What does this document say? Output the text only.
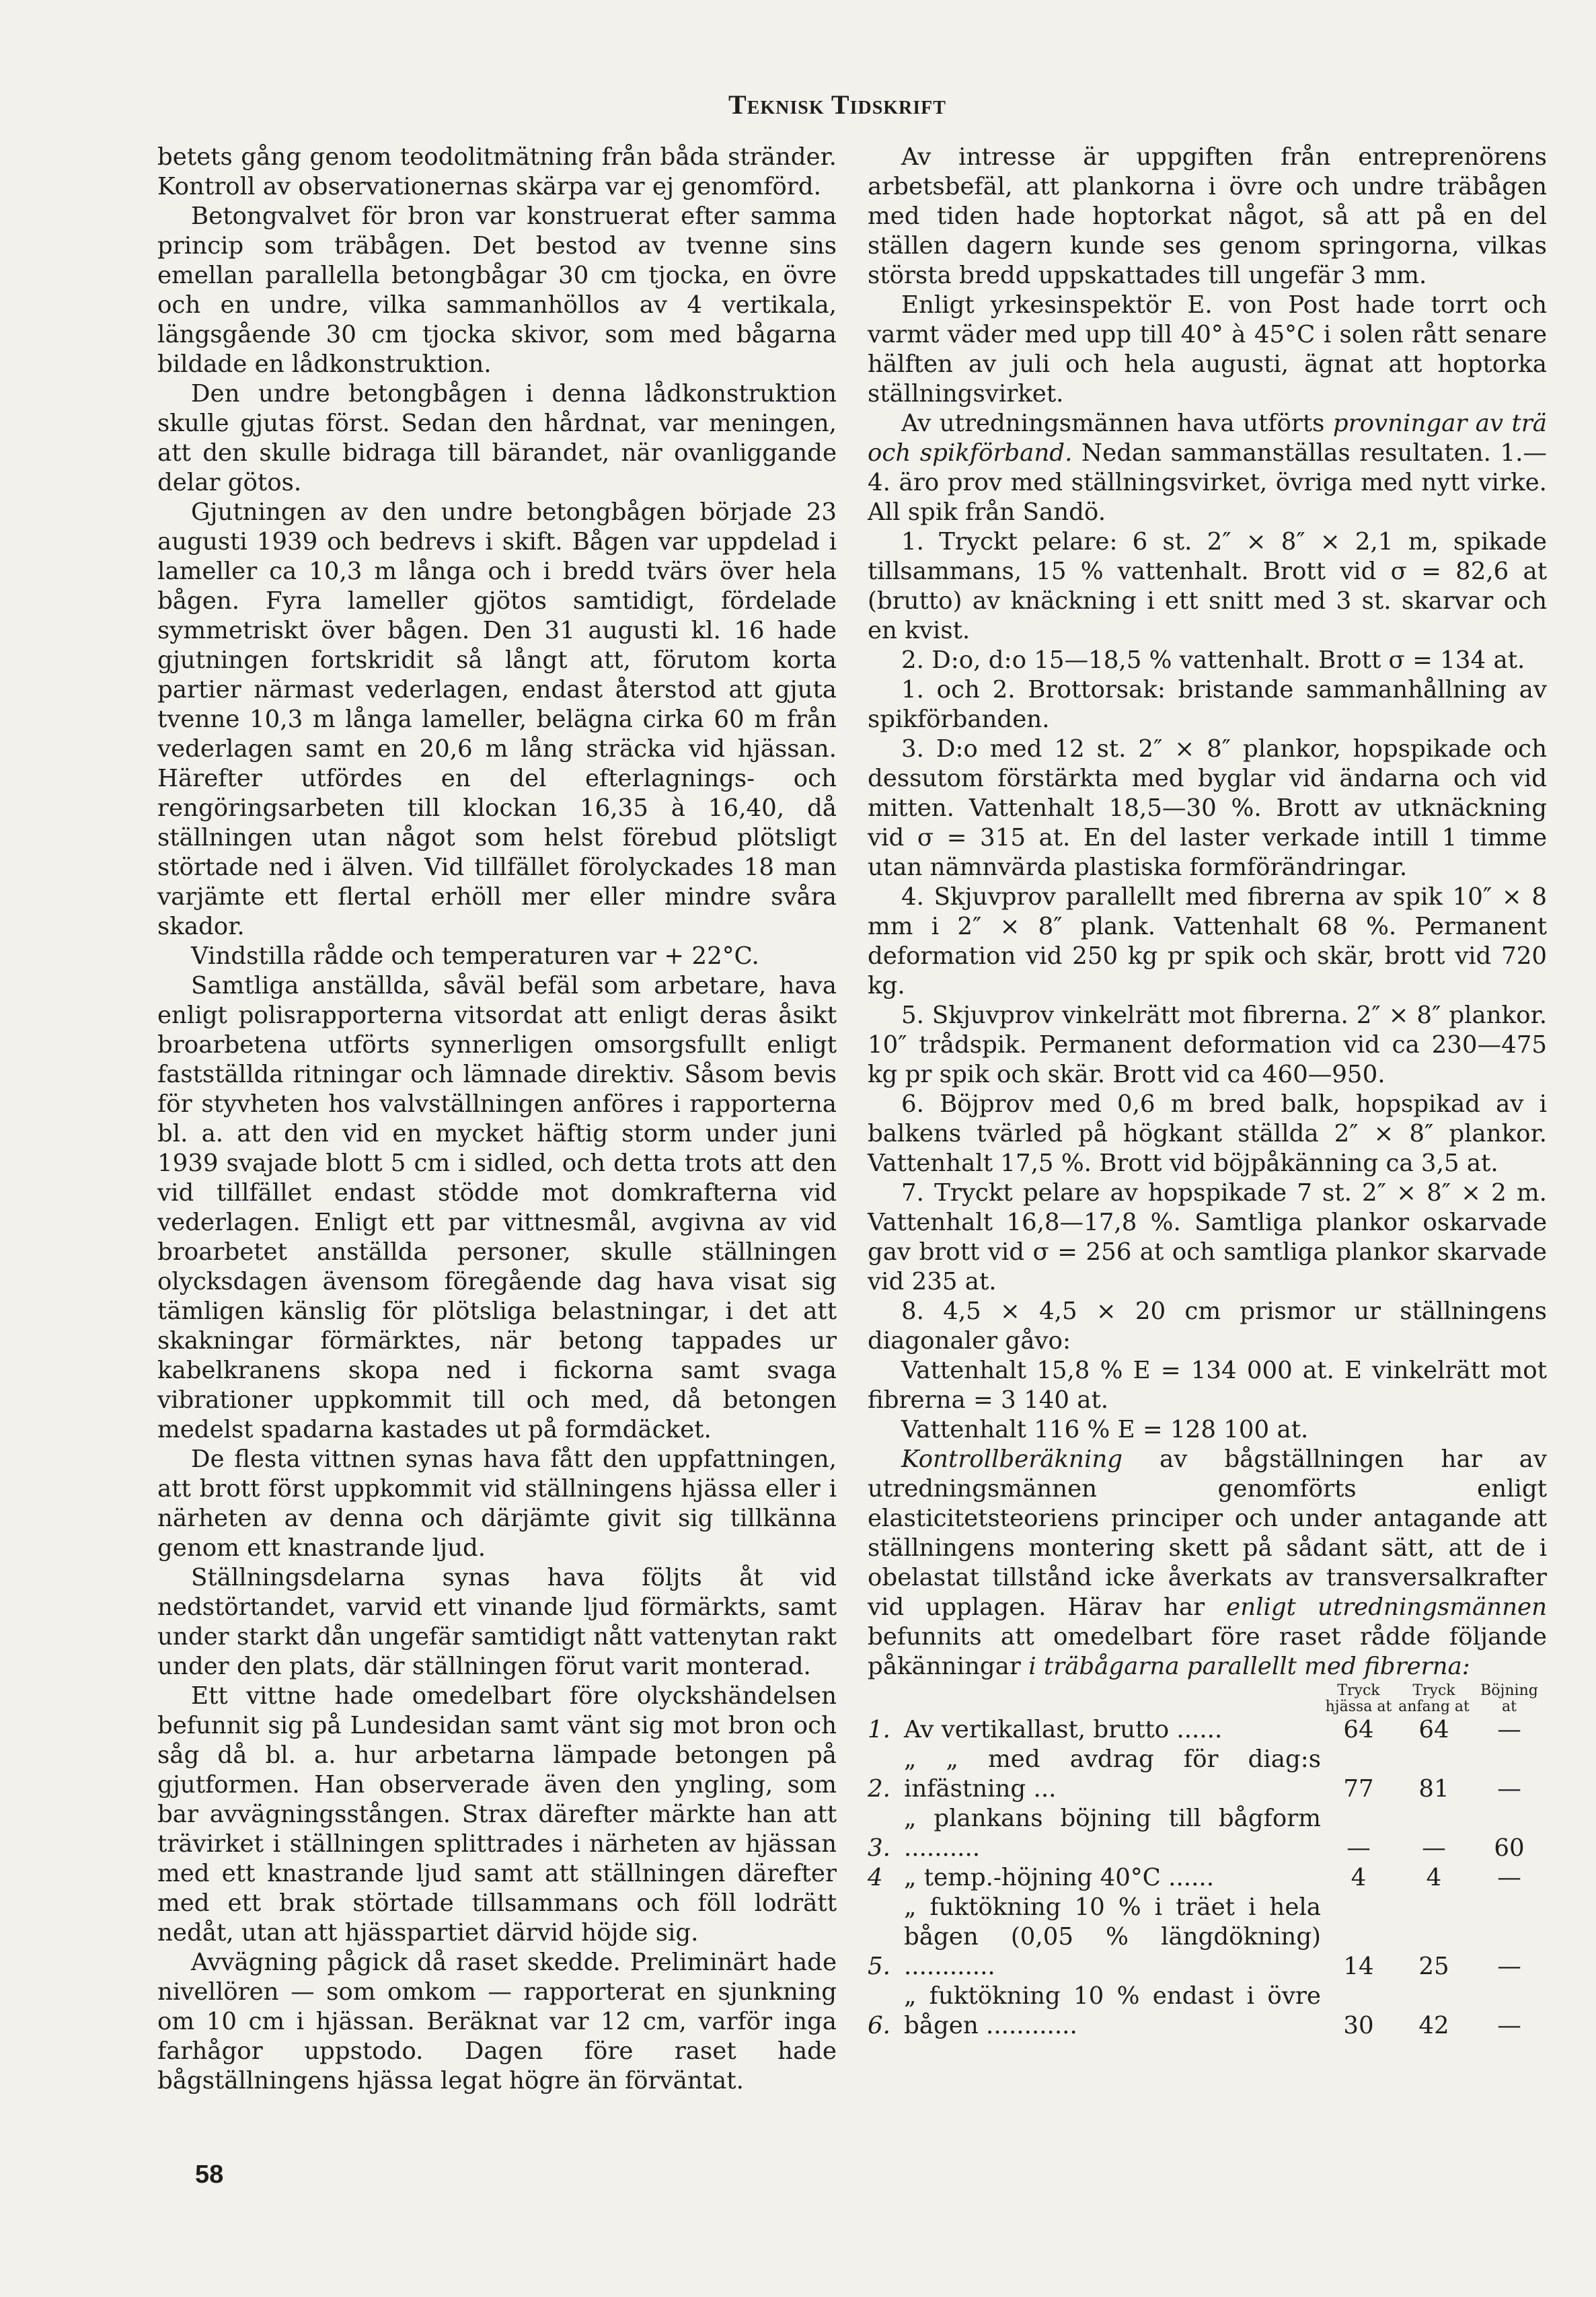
Teknisk Tidskrift

betets gång genom teodolitmätning från båda stränder. Kontroll av observationernas skärpa var ej genomförd.

Betongvalvet för bron var konstruerat efter samma princip som träbågen. Det bestod av tvenne sins emellan parallella betongbågar 30 cm tjocka, en övre och en undre, vilka sammanhöllos av 4 vertikala, längsgående 30 cm tjocka skivor, som med bågarna bildade en lådkonstruktion.

Den undre betongbågen i denna lådkonstruktion skulle gjutas först. Sedan den hårdnat, var meningen, att den skulle bidraga till bärandet, när ovanliggande delar götos.

Gjutningen av den undre betongbågen började 23 augusti 1939 och bedrevs i skift. Bågen var uppdelad i lameller ca 10,3 m långa och i bredd tvärs över hela bågen. Fyra lameller gjötos samtidigt, fördelade symmetriskt över bågen. Den 31 augusti kl. 16 hade gjutningen fortskridit så långt att, förutom korta partier närmast vederlagen, endast återstod att gjuta tvenne 10,3 m långa lameller, belägna cirka 60 m från vederlagen samt en 20,6 m lång sträcka vid hjässan. Härefter utfördes en del efterlagnings- och rengöringsarbeten till klockan 16,35 à 16,40, då ställningen utan något som helst förebud plötsligt störtade ned i älven. Vid tillfället förolyckades 18 man varjämte ett flertal erhöll mer eller mindre svåra skador.

Vindstilla rådde och temperaturen var + 22°C.

Samtliga anställda, såväl befäl som arbetare, hava enligt polisrapporterna vitsordat att enligt deras åsikt broarbetena utförts synnerligen omsorgsfullt enligt fastställda ritningar och lämnade direktiv. Såsom bevis för styvheten hos valvställningen anföres i rapporterna bl. a. att den vid en mycket häftig storm under juni 1939 svajade blott 5 cm i sidled, och detta trots att den vid tillfället endast stödde mot domkrafterna vid vederlagen. Enligt ett par vittnesmål, avgivna av vid broarbetet anställda personer, skulle ställningen olycksdagen ävensom föregående dag hava visat sig tämligen känslig för plötsliga belastningar, i det att skakningar förmärktes, när betong tappades ur kabelkranens skopa ned i fickorna samt svaga vibrationer uppkommit till och med, då betongen medelst spadarna kastades ut på formdäcket.

De flesta vittnen synas hava fått den uppfattningen, att brott först uppkommit vid ställningens hjässa eller i närheten av denna och därjämte givit sig tillkänna genom ett knastrande ljud.

Ställningsdelarna synas hava följts åt vid nedstörtandet, varvid ett vinande ljud förmärkts, samt under starkt dån ungefär samtidigt nått vattenytan rakt under den plats, där ställningen förut varit monterad.

Ett vittne hade omedelbart före olyckshändelsen befunnit sig på Lundesidan samt vänt sig mot bron och såg då bl. a. hur arbetarna lämpade betongen på gjutformen. Han observerade även den yngling, som bar avvägningsstången. Strax därefter märkte han att trävirket i ställningen splittrades i närheten av hjässan med ett knastrande ljud samt att ställningen därefter med ett brak störtade tillsammans och föll lodrätt nedåt, utan att hjässpartiet därvid höjde sig.

Avvägning pågick då raset skedde. Preliminärt hade nivellören — som omkom — rapporterat en sjunkning om 10 cm i hjässan. Beräknat var 12 cm, varför inga farhågor uppstodo. Dagen före raset hade bågställningens hjässa legat högre än förväntat.

Av intresse är uppgiften från entreprenörens arbetsbefäl, att plankorna i övre och undre träbågen med tiden hade hoptorkat något, så att på en del ställen dagern kunde ses genom springorna, vilkas största bredd uppskattades till ungefär 3 mm.

Enligt yrkesinspektör E. von Post hade torrt och varmt väder med upp till 40° à 45°C i solen rått senare hälften av juli och hela augusti, ägnat att hoptorka ställningsvirket.

Av utredningsmännen hava utförts provningar av trä och spikförband. Nedan sammanställas resultaten. 1.—4. äro prov med ställningsvirket, övriga med nytt virke. All spik från Sandö.

1. Tryckt pelare: 6 st. 2″ × 8″ × 2,1 m, spikade tillsammans, 15 % vattenhalt. Brott vid σ = 82,6 at (brutto) av knäckning i ett snitt med 3 st. skarvar och en kvist.

2. D:o, d:o 15—18,5 % vattenhalt. Brott σ = 134 at.

1. och 2. Brottorsak: bristande sammanhållning av spikförbanden.

3. D:o med 12 st. 2″ × 8″ plankor, hopspikade och dessutom förstärkta med byglar vid ändarna och vid mitten. Vattenhalt 18,5—30 %. Brott av utknäckning vid σ = 315 at. En del laster verkade intill 1 timme utan nämnvärda plastiska formförändringar.

4. Skjuvprov parallellt med fibrerna av spik 10″ × 8 mm i 2″ × 8″ plank. Vattenhalt 68 %. Permanent deformation vid 250 kg pr spik och skär, brott vid 720 kg.

5. Skjuvprov vinkelrätt mot fibrerna. 2″ × 8″ plankor. 10″ trådspik. Permanent deformation vid ca 230—475 kg pr spik och skär. Brott vid ca 460—950.

6. Böjprov med 0,6 m bred balk, hopspikad av i balkens tvärled på högkant ställda 2″ × 8″ plankor. Vattenhalt 17,5 %. Brott vid böjpåkänning ca 3,5 at.

7. Tryckt pelare av hopspikade 7 st. 2″ × 8″ × 2 m. Vattenhalt 16,8—17,8 %. Samtliga plankor oskarvade gav brott vid σ = 256 at och samtliga plankor skarvade vid 235 at.

8. 4,5 × 4,5 × 20 cm prismor ur ställningens diagonaler gåvo:

Vattenhalt 15,8 % E = 134 000 at. E vinkelrätt mot fibrerna = 3 140 at.

Vattenhalt 116 % E = 128 100 at.

Kontrollberäkning av bågställningen har av utredningsmännen genomförts enligt elasticitetsteoriens principer och under antagande att ställningens montering skett på sådant sätt, att de i obelastat tillstånd icke åverkats av transversalkrafter vid upplagen. Härav har enligt utredningsmännen befunnits att omedelbart före raset rådde följande påkänningar i träbågarna parallellt med fibrerna:

		Tryck hjässa at	Tryck anfang at	Böjning at
1.	Av vertikallast, brutto ......	64	64	—
2.	„ „ med avdrag för diag:s infästning ...	77	81	—
3.	„ plankans böjning till bågform ..........	—	—	60
4	„ temp.-höjning 40°C ......	4	4	—
5.	„ fuktökning 10 % i träet i hela bågen (0,05 % längdökning) ............	14	25	—
6.	„ fuktökning 10 % endast i övre bågen ............	30	42	—
58
